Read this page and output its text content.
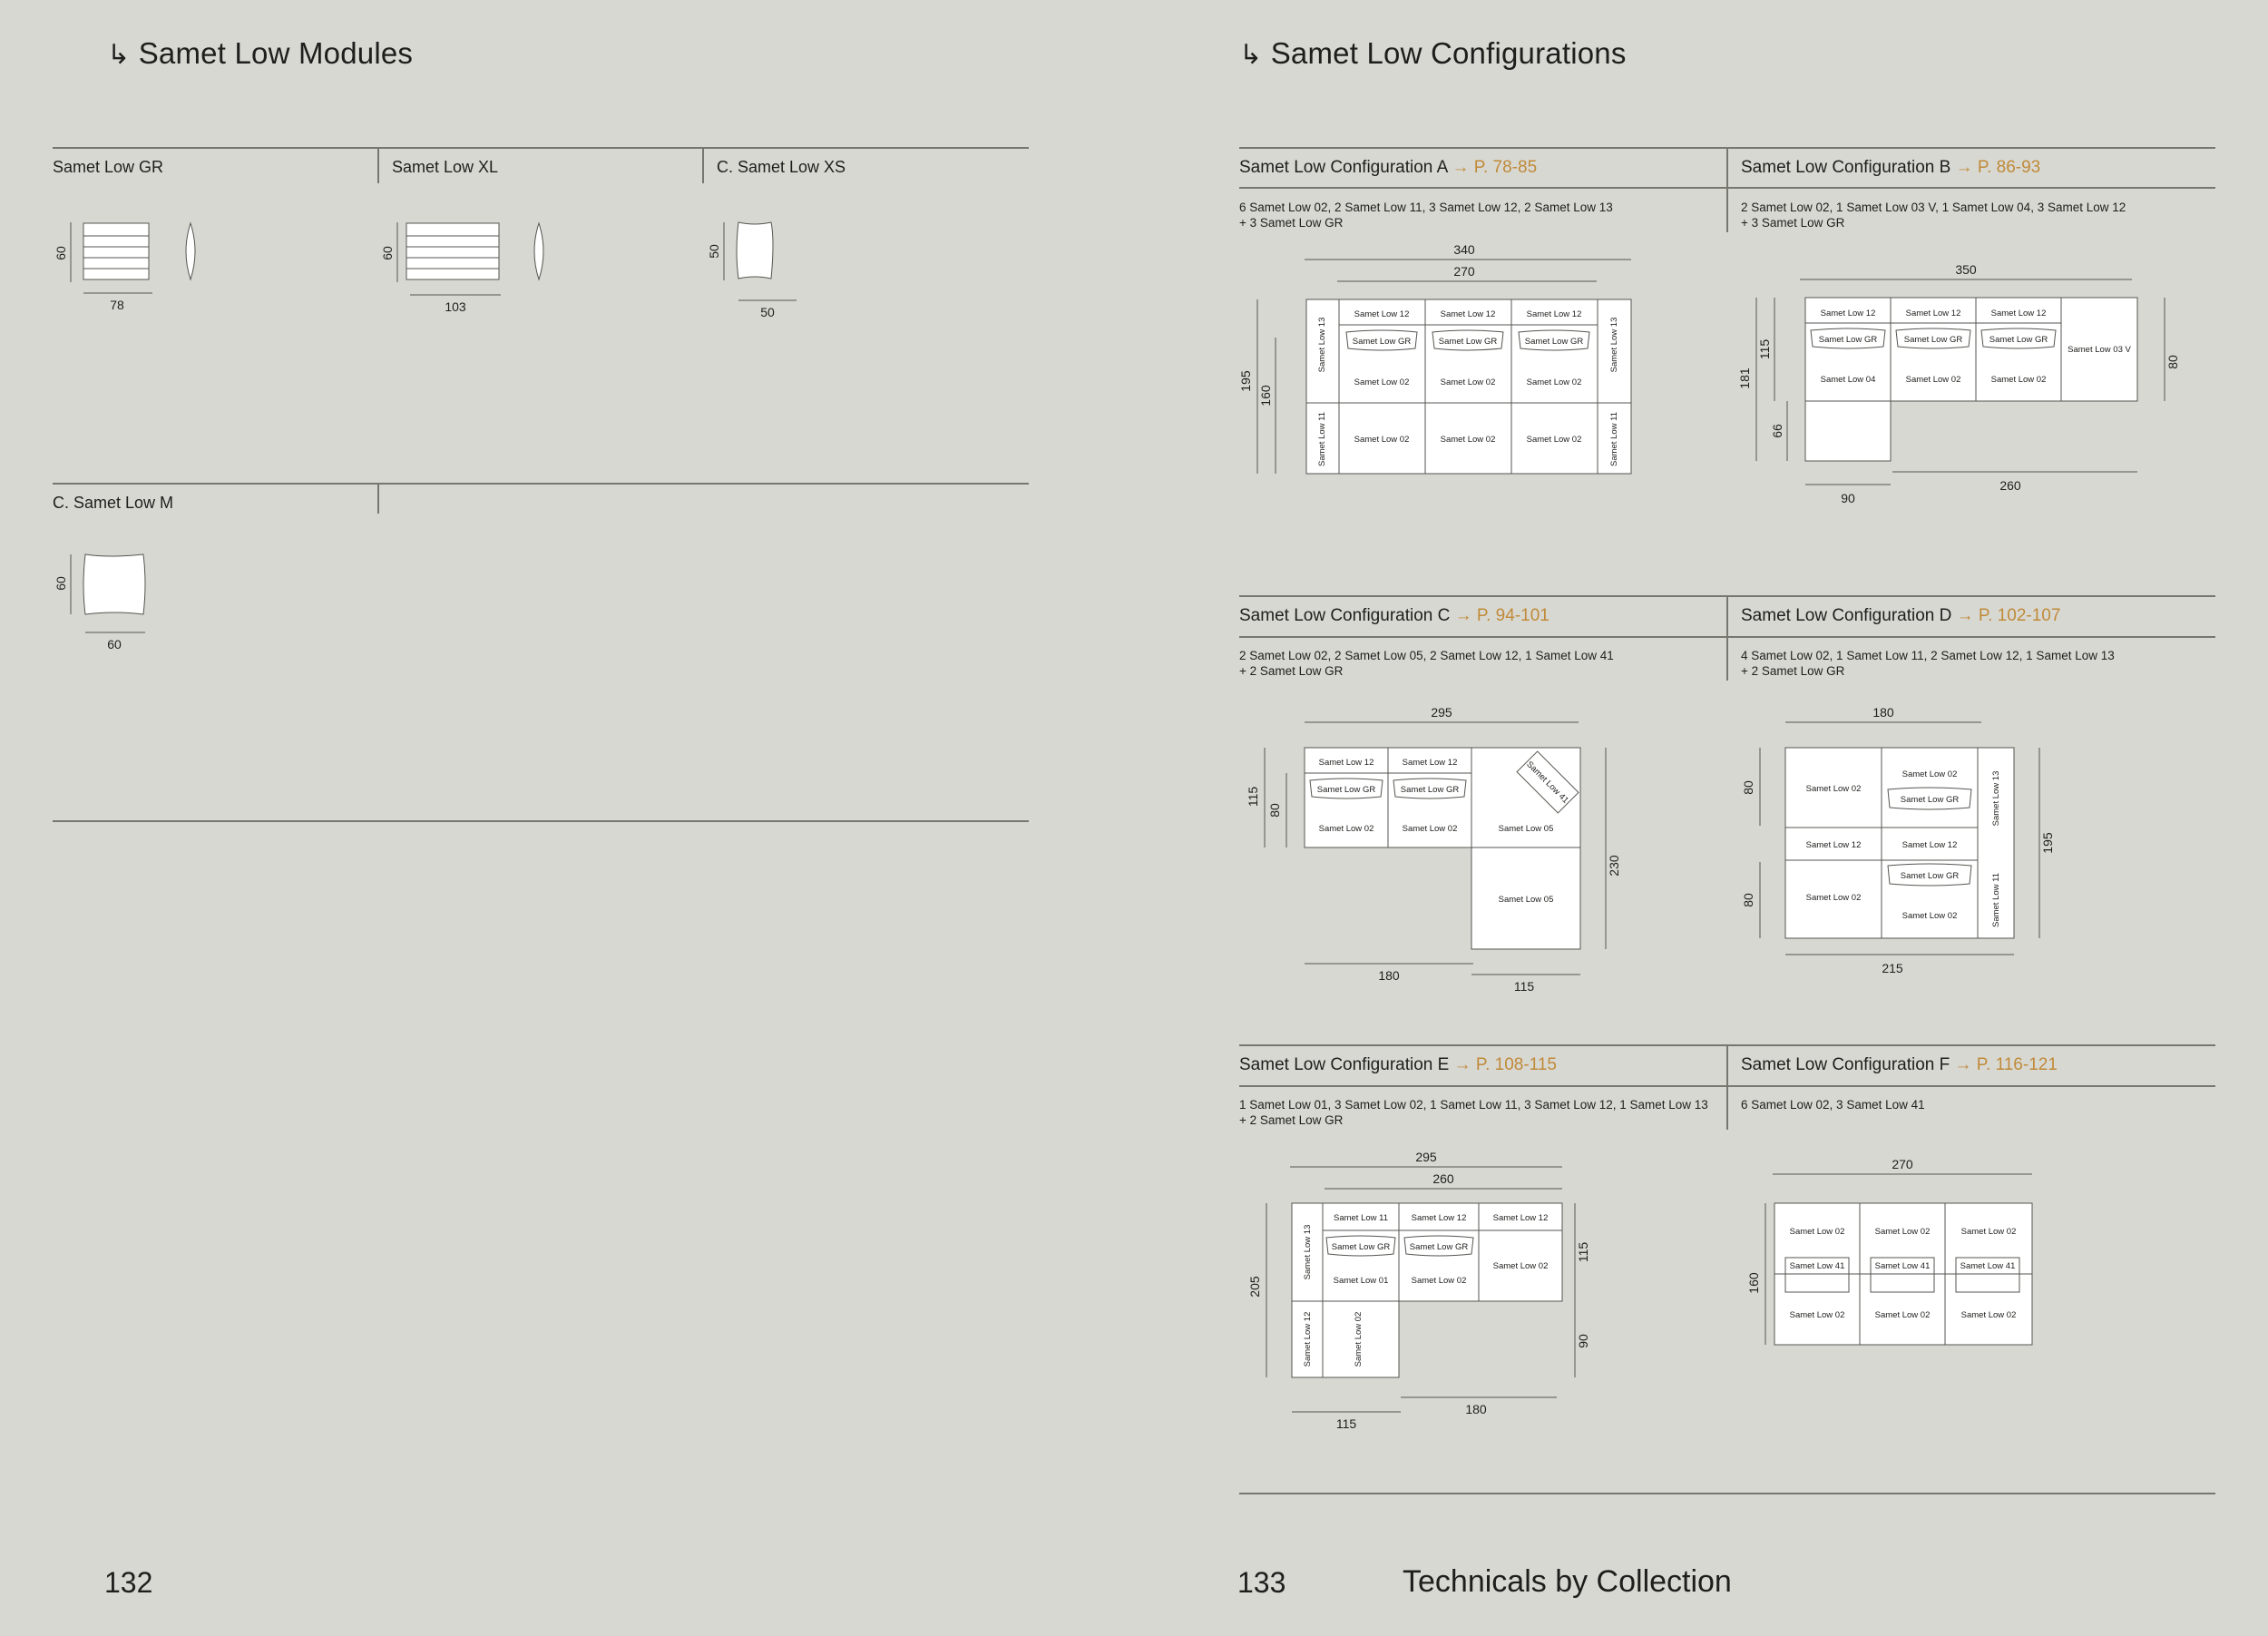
↳ Samet Low Modules
Samet Low GR	Samet Low XL	C. Samet Low XS
60
78
60
103
50
50
C. Samet Low M
60
60
132
↳ Samet Low Configurations
Samet Low Configuration A → P. 78-85	Samet Low Configuration B → P. 86-93
6 Samet Low 02, 2 Samet Low 11, 3 Samet Low 12, 2 Samet Low 13
+ 3 Samet Low GR
2 Samet Low 02, 1 Samet Low 03 V, 1 Samet Low 04, 3 Samet Low 12
+ 3 Samet Low GR
340
270
195
160
Samet Low 13
Samet Low 11
Samet Low 13
Samet Low 11
Samet Low 12	Samet Low 12	Samet Low 12
Samet Low GR	Samet Low GR	Samet Low GR
Samet Low 02	Samet Low 02	Samet Low 02
Samet Low 02	Samet Low 02	Samet Low 02
350
181
115
66
80
Samet Low 12	Samet Low 12	Samet Low 12
Samet Low GR	Samet Low GR	Samet Low GR
Samet Low 04	Samet Low 02	Samet Low 02
Samet Low 03 V
90
260
Samet Low Configuration C → P. 94-101	Samet Low Configuration D → P. 102-107
2 Samet Low 02, 2 Samet Low 05, 2 Samet Low 12, 1 Samet Low 41
+ 2 Samet Low GR
4 Samet Low 02, 1 Samet Low 11, 2 Samet Low 12, 1 Samet Low 13
+ 2 Samet Low GR
295
115
80
230
Samet Low 12	Samet Low 12
Samet Low GR	Samet Low GR
Samet Low 02	Samet Low 02	Samet Low 05
Samet Low 41
Samet Low 05
180
115
180
80
80
195
Samet Low 02
Samet Low 02
Samet Low GR
Samet Low 12	Samet Low 12
Samet Low 02
Samet Low GR
Samet Low 02
Samet Low 13
Samet Low 11
215
Samet Low Configuration E → P. 108-115	Samet Low Configuration F → P. 116-121
1 Samet Low 01, 3 Samet Low 02, 1 Samet Low 11, 3 Samet Low 12, 1 Samet Low 13
+ 2 Samet Low GR
6 Samet Low 02, 3 Samet Low 41
295
260
205
115
90
Samet Low 13
Samet Low 12	Samet Low 02
Samet Low 11	Samet Low 12	Samet Low 12
Samet Low GR Samet Low GR
Samet Low 01	Samet Low 02
Samet Low 02
115
180
270
160
Samet Low 02	Samet Low 02	Samet Low 02
Samet Low 41	Samet Low 41	Samet Low 41
Samet Low 02	Samet Low 02	Samet Low 02
133	Technicals by Collection
